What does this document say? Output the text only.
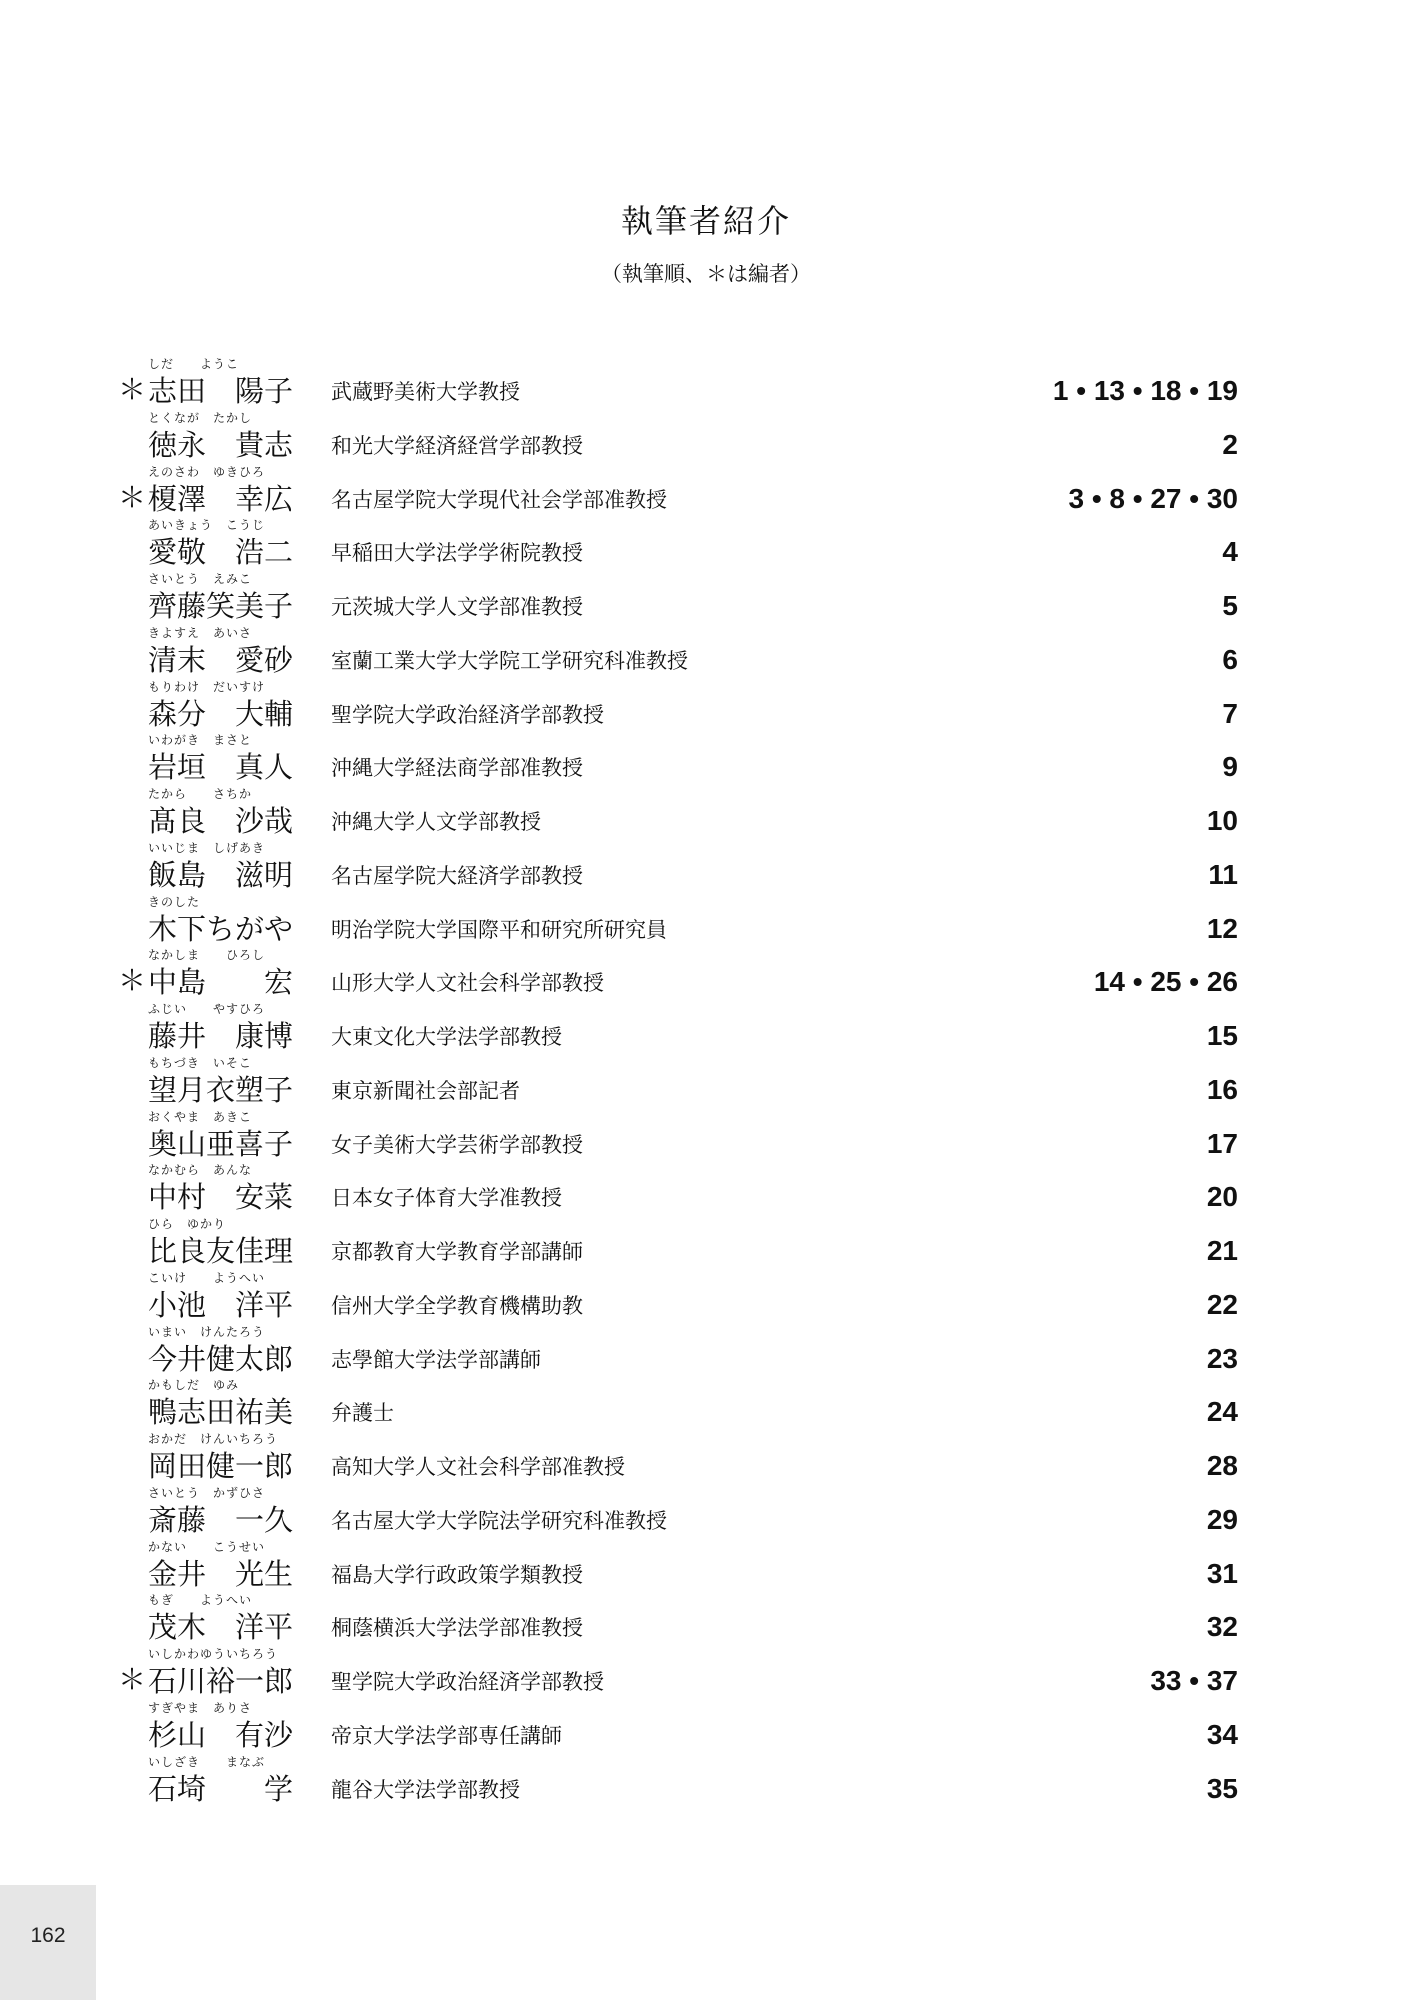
執筆者紹介
（執筆順、＊は編者）
＊
しだ　　ようこ
志田　陽子	武蔵野美術大学教授	1 • 13 • 18 • 19
とくなが　たかし
徳永　貴志	和光大学経済経営学部教授	2
＊
えのさわ　ゆきひろ
榎澤　幸広	名古屋学院大学現代社会学部准教授	3 • 8 • 27 • 30
あいきょう　こうじ
愛敬　浩二	早稲田大学法学学術院教授	4
さいとう　えみこ
齊藤笑美子	元茨城大学人文学部准教授	5
きよすえ　あいさ
清末　愛砂	室蘭工業大学大学院工学研究科准教授	6
もりわけ　だいすけ
森分　大輔	聖学院大学政治経済学部教授	7
いわがき　まさと
岩垣　真人	沖縄大学経法商学部准教授	9
たから　　さちか
髙良　沙哉	沖縄大学人文学部教授	10
いいじま　しげあき
飯島　滋明	名古屋学院大経済学部教授	11
きのした
木下ちがや	明治学院大学国際平和研究所研究員	12
＊
なかしま　　ひろし
中島　　宏	山形大学人文社会科学部教授	14 • 25 • 26
ふじい　　やすひろ
藤井　康博	大東文化大学法学部教授	15
もちづき　いそこ
望月衣塑子	東京新聞社会部記者	16
おくやま　あきこ
奥山亜喜子	女子美術大学芸術学部教授	17
なかむら　あんな
中村　安菜	日本女子体育大学准教授	20
ひら　ゆかり
比良友佳理	京都教育大学教育学部講師	21
こいけ　　ようへい
小池　洋平	信州大学全学教育機構助教	22
いまい　けんたろう
今井健太郎	志學館大学法学部講師	23
かもしだ　ゆみ
鴨志田祐美	弁護士	24
おかだ　けんいちろう
岡田健一郎	高知大学人文社会科学部准教授	28
さいとう　かずひさ
斎藤　一久	名古屋大学大学院法学研究科准教授	29
かない　　こうせい
金井　光生	福島大学行政政策学類教授	31
もぎ　　ようへい
茂木　洋平	桐蔭横浜大学法学部准教授	32
＊
いしかわゆういちろう
石川裕一郎	聖学院大学政治経済学部教授	33 • 37
すぎやま　ありさ
杉山　有沙	帝京大学法学部専任講師	34
いしざき　　まなぶ
石埼　　学	龍谷大学法学部教授	35
162
